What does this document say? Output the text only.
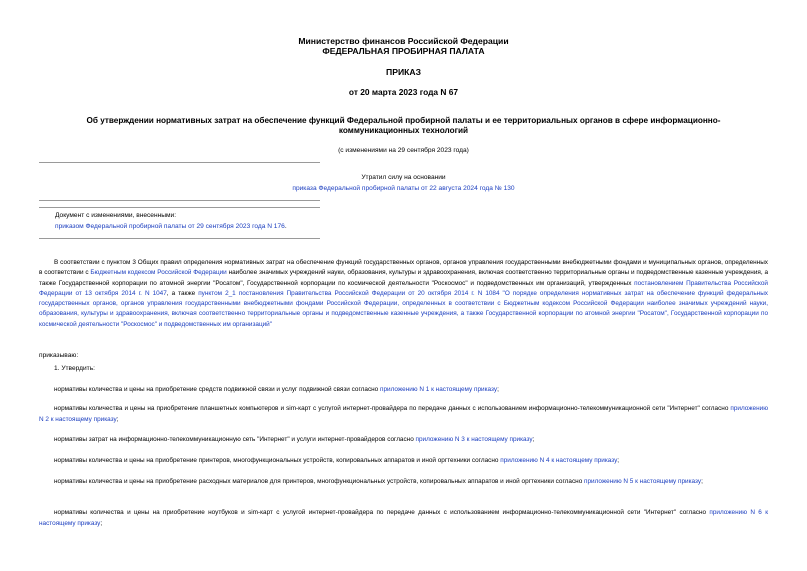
Министерство финансов Российской Федерации
ФЕДЕРАЛЬНАЯ ПРОБИРНАЯ ПАЛАТА
ПРИКАЗ
от 20 марта 2023 года N 67
Об утверждении нормативных затрат на обеспечение функций Федеральной пробирной палаты и ее территориальных органов в сфере информационно-
коммуникационных технологий
(с изменениями на 29 сентября 2023 года)
Утратил силу на основании
приказа Федеральной пробирной палаты от 22 августа 2024 года № 130
Документ с изменениями, внесенными:
приказом Федеральной пробирной палаты от 29 сентября 2023 года N 176.
В соответствии с пунктом 3 Общих правил определения нормативных затрат на обеспечение функций государственных органов, органов управления государственными внебюджетными фондами и муниципальных органов, определенных в соответствии с Бюджетным кодексом Российской Федерации наиболее значимых учреждений науки, образования, культуры и здравоохранения, включая соответственно территориальные органы и подведомственные казенные учреждения, а также Государственной корпорации по атомной энергии "Росатом", Государственной корпорации по космической деятельности "Роскосмос" и подведомственных им организаций, утвержденных постановлением Правительства Российской Федерации от 13 октября 2014 г. N 1047, а также пунктом 2_1 постановления Правительства Российской Федерации от 20 октября 2014 г. N 1084 "О порядке определения нормативных затрат на обеспечение функций федеральных государственных органов, органов управления государственными внебюджетными фондами Российской Федерации, определенных в соответствии с Бюджетным кодексом Российской Федерации наиболее значимых учреждений науки, образования, культуры и здравоохранения, включая соответственно территориальные органы и подведомственные казенные учреждения, а также Государственной корпорации по атомной энергии "Росатом", Государственной корпорации по космической деятельности "Роскосмос" и подведомственных им организаций"
приказываю:
1. Утвердить:
нормативы количества и цены на приобретение средств подвижной связи и услуг подвижной связи согласно приложению N 1 к настоящему приказу;
нормативы количества и цены на приобретение планшетных компьютеров и sim-карт с услугой интернет-провайдера по передаче данных с использованием информационно-телекоммуникационной сети "Интернет" согласно приложению N 2 к настоящему приказу;
нормативы затрат на информационно-телекоммуникационную сеть "Интернет" и услуги интернет-провайдеров согласно приложению N 3 к настоящему приказу;
нормативы количества и цены на приобретение принтеров, многофункциональных устройств, копировальных аппаратов и иной оргтехники согласно приложению N 4 к настоящему приказу;
нормативы количества и цены на приобретение расходных материалов для принтеров, многофункциональных устройств, копировальных аппаратов и иной оргтехники согласно приложению N 5 к настоящему приказу;
нормативы количества и цены на приобретение ноутбуков и sim-карт с услугой интернет-провайдера по передаче данных с использованием информационно-телекоммуникационной сети "Интернет" согласно приложению N 6 к настоящему приказу;
